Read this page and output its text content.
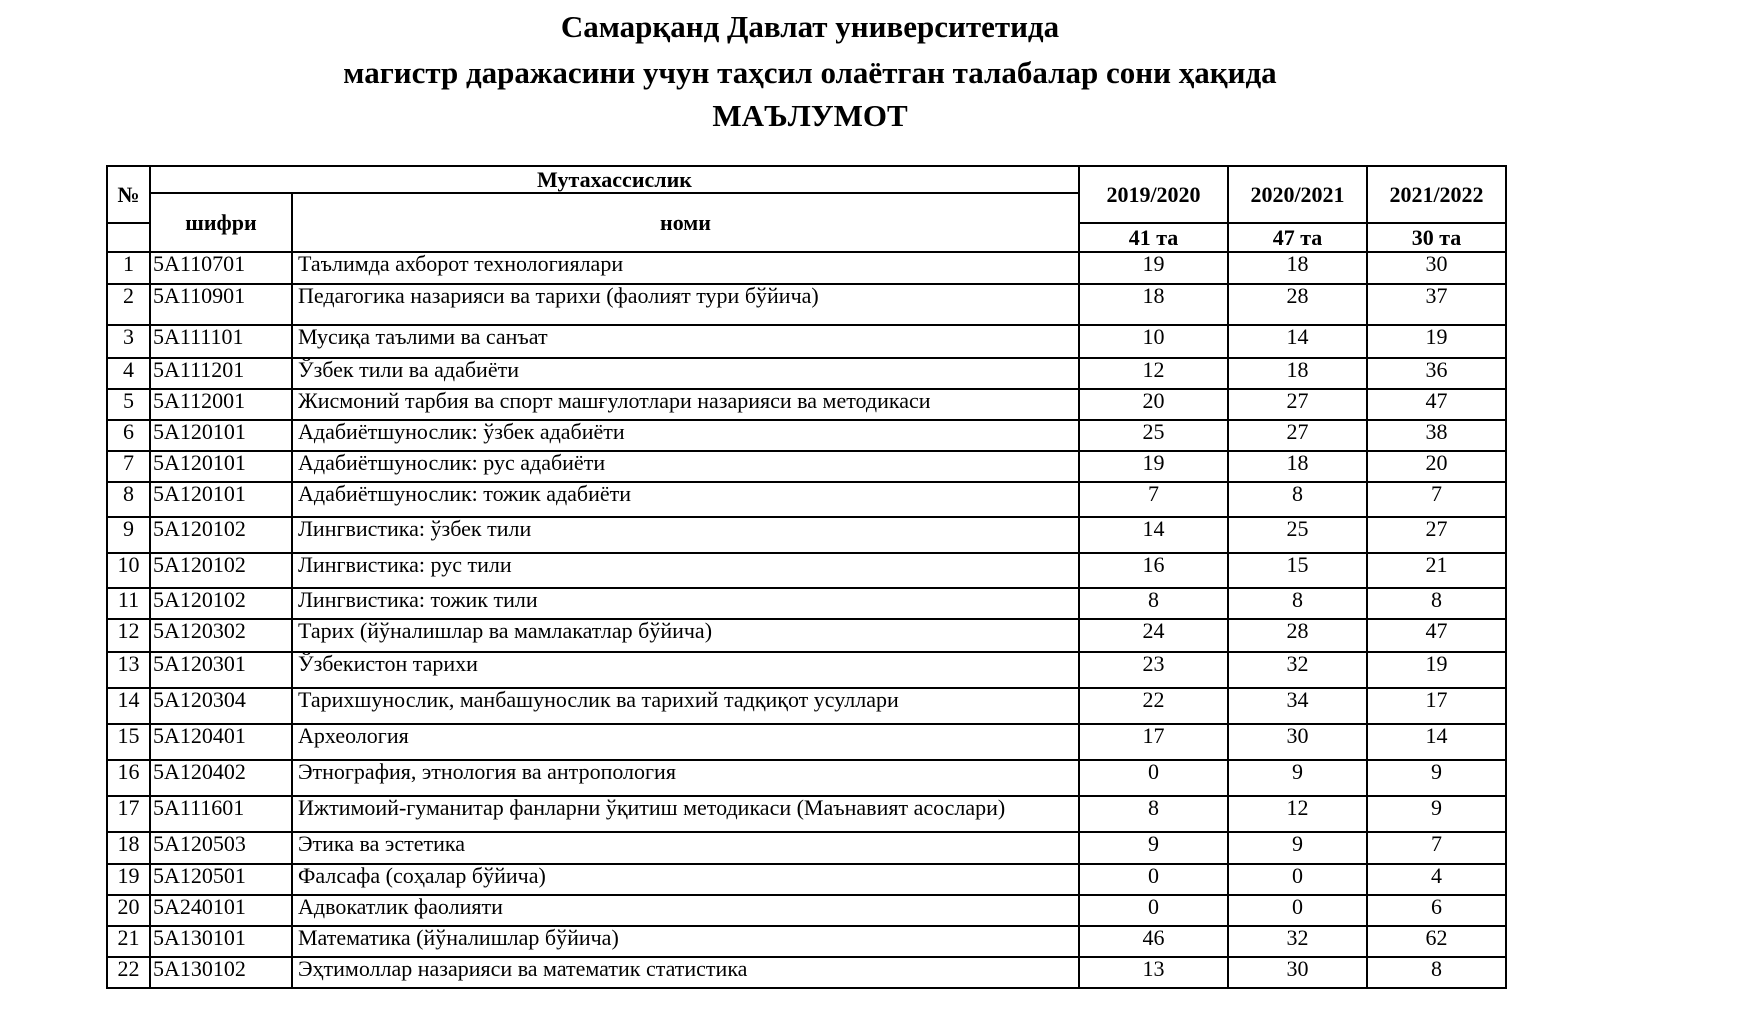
Самарқанд Давлат университетида
магистр даражасини учун таҳсил олаётган талабалар сони ҳақида
МАЪЛУМОТ
№	Мутахассислик		2019/2020	2020/2021	2021/2022
	шифри	номи			
			41 та	47 та	30 та
1	5A110701	Таълимда ахборот технологиялари	19	18	30
2	5A110901	Педагогика назарияси ва тарихи (фаолият тури бўйича)	18	28	37
3	5A111101	Мусиқа таълими ва санъат	10	14	19
4	5A111201	Ўзбек тили ва адабиёти	12	18	36
5	5A112001	Жисмоний тарбия ва спорт машғулотлари назарияси ва методикаси	20	27	47
6	5A120101	Адабиётшунослик: ўзбек адабиёти	25	27	38
7	5A120101	Адабиётшунослик: рус адабиёти	19	18	20
8	5A120101	Адабиётшунослик: тожик адабиёти	7	8	7
9	5A120102	Лингвистика: ўзбек тили	14	25	27
10	5A120102	Лингвистика: рус тили	16	15	21
11	5A120102	Лингвистика: тожик тили	8	8	8
12	5A120302	Тарих (йўналишлар ва мамлакатлар бўйича)	24	28	47
13	5A120301	Ўзбекистон тарихи	23	32	19
14	5A120304	Тарихшунослик, манбашунослик ва тарихий тадқиқот усуллари	22	34	17
15	5A120401	Археология	17	30	14
16	5A120402	Этнография, этнология ва антропология	0	9	9
17	5A111601	Ижтимоий-гуманитар фанларни ўқитиш методикаси (Маънавият асослари)	8	12	9
18	5A120503	Этика ва эстетика	9	9	7
19	5A120501	Фалсафа (соҳалар бўйича)	0	0	4
20	5A240101	Адвокатлик фаолияти	0	0	6
21	5A130101	Математика (йўналишлар бўйича)	46	32	62
22	5A130102	Эҳтимоллар назарияси ва математик статистика	13	30	8
